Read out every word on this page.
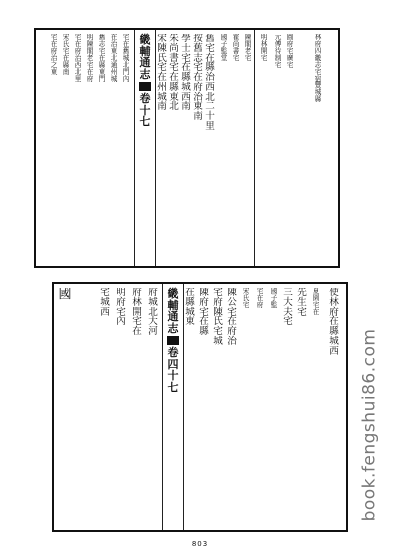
林
府
四
畿
志
宅
宿
豐
城
縣
圓
府
宅
廣
宅
元
傅
待
制
宅
明
林
開
宅
陳
閣
老
宅
霍
尚
書
宅
國
子
監
堂
舊
宅
在
縣
治
西
北
二
十
里
按
舊
志
宅
在
府
治
東
南
學
士
宅
在
縣
城
西
南
朱
尚
書
宅
在
縣
東
北
宋
陳
氏
宅
在
州
城
南
畿
輔
通
志
卷
十
七
宅
在
舊
城
北
門
內
在
治
東
北
通
州
城
舊
志
宅
在
縣
東
門
明
陳
閣
老
宅
在
府
宅
在
府
治
西
北
里
宋
氏
宅
在
縣
南
宅
在
府
治
之
東
使
林
府
在
縣
城
西
夏
園
宅
在
先
生
宅
三
大
夫
宅
國
子
監
宅
在
府
宋
氏
宅
陳
公
宅
在
府
治
宅
府
陳
氏
宅
城
陳
府
宅
在
縣
在
縣
城
東
畿
輔
通
志
卷
四
十
七
府
城
北
大
河
府
林
開
宅
在
明
府
宅
內
宅
城
西
國
book.fengshui86.com
803
